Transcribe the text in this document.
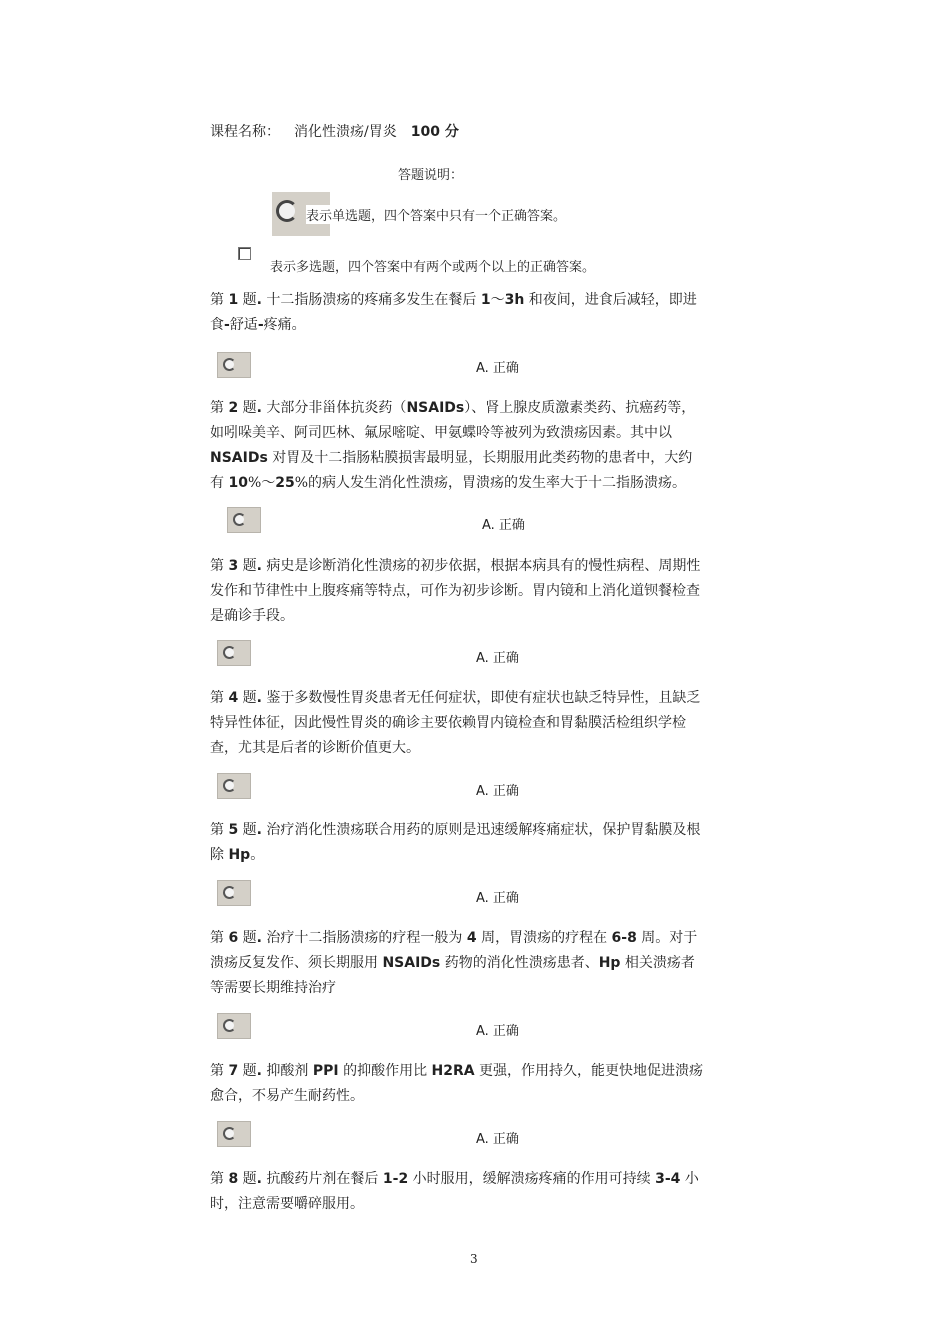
课程名称： 消化性溃疡/胃炎 100 分
答题说明：
表示单选题，四个答案中只有一个正确答案。
表示多选题，四个答案中有两个或两个以上的正确答案。
第 1 题. 十二指肠溃疡的疼痛多发生在餐后 1～3h 和夜间，进食后减轻，即进
食-舒适-疼痛。
A. 正确
第 2 题. 大部分非甾体抗炎药（NSAIDs）、肾上腺皮质激素类药、抗癌药等，
如吲哚美辛、阿司匹林、氟尿嘧啶、甲氨蝶呤等被列为致溃疡因素。其中以
NSAIDs 对胃及十二指肠粘膜损害最明显，长期服用此类药物的患者中，大约
有 10%～25%的病人发生消化性溃疡，胃溃疡的发生率大于十二指肠溃疡。
A. 正确
第 3 题. 病史是诊断消化性溃疡的初步依据，根据本病具有的慢性病程、周期性
发作和节律性中上腹疼痛等特点，可作为初步诊断。胃内镜和上消化道钡餐检查
是确诊手段。
A. 正确
第 4 题. 鉴于多数慢性胃炎患者无任何症状，即使有症状也缺乏特异性，且缺乏
特异性体征，因此慢性胃炎的确诊主要依赖胃内镜检查和胃黏膜活检组织学检
查，尤其是后者的诊断价值更大。
A. 正确
第 5 题. 治疗消化性溃疡联合用药的原则是迅速缓解疼痛症状，保护胃黏膜及根
除 Hp。
A. 正确
第 6 题. 治疗十二指肠溃疡的疗程一般为 4 周，胃溃疡的疗程在 6-8 周。对于
溃疡反复发作、须长期服用 NSAIDs 药物的消化性溃疡患者、Hp 相关溃疡者
等需要长期维持治疗
A. 正确
第 7 题. 抑酸剂 PPI 的抑酸作用比 H2RA 更强，作用持久，能更快地促进溃疡
愈合，不易产生耐药性。
A. 正确
第 8 题. 抗酸药片剂在餐后 1-2 小时服用，缓解溃疡疼痛的作用可持续 3-4 小
时，注意需要嚼碎服用。
3
